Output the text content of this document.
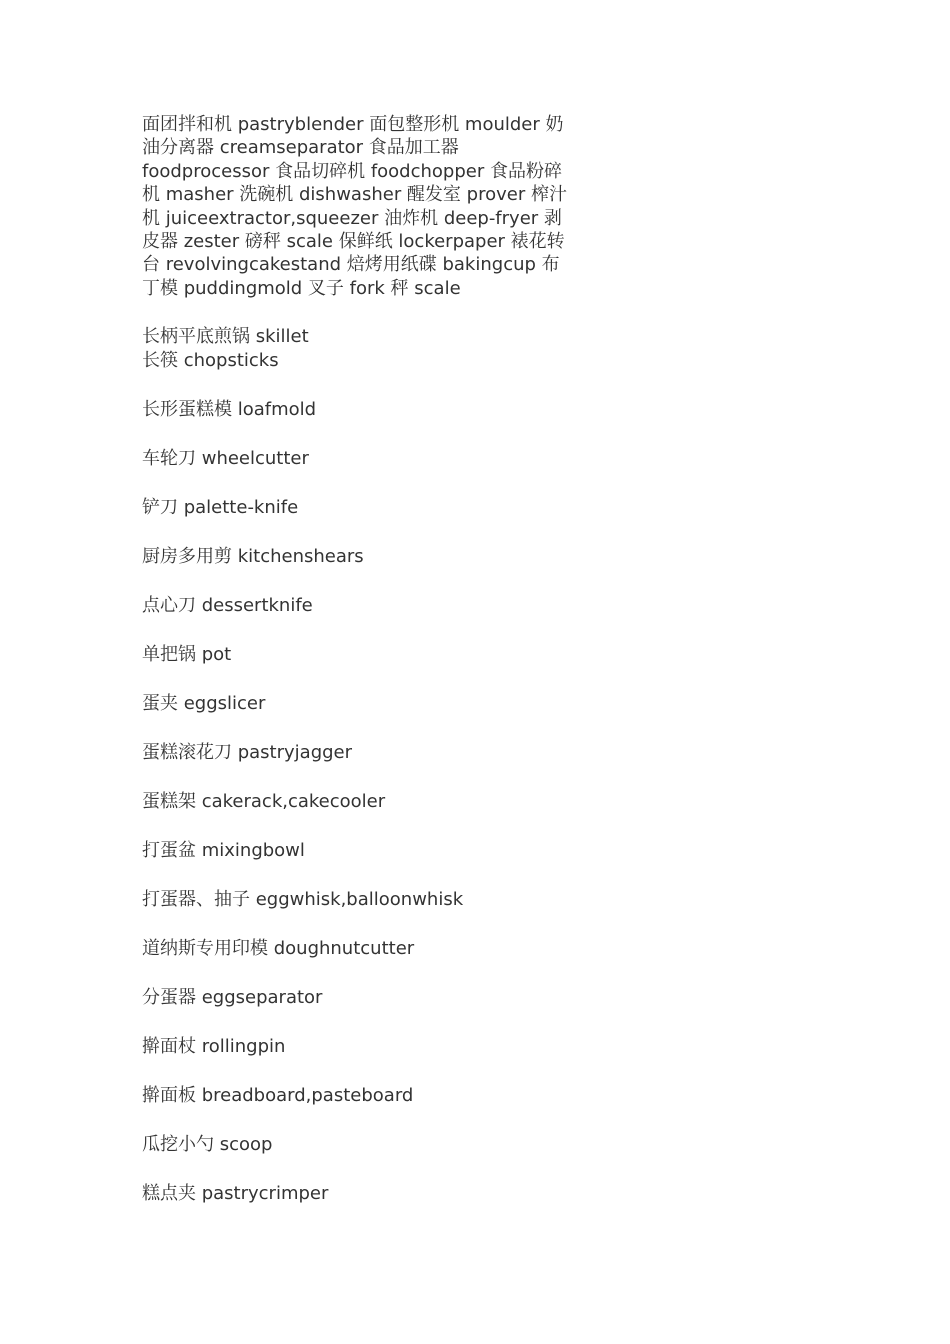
面团拌和机 pastryblender 面包整形机 moulder 奶
油分离器 creamseparator 食品加工器
foodprocessor 食品切碎机 foodchopper 食品粉碎
机 masher 洗碗机 dishwasher 醒发室 prover 榨汁
机 juiceextractor,squeezer 油炸机 deep-fryer 剥
皮器 zester 磅秤 scale 保鲜纸 lockerpaper 裱花转
台 revolvingcakestand 焙烤用纸碟 bakingcup 布
丁模 puddingmold 叉子 fork 秤 scale
长柄平底煎锅 skillet
长筷 chopsticks

长形蛋糕模 loafmold

车轮刀 wheelcutter

铲刀 palette-knife

厨房多用剪 kitchenshears

点心刀 dessertknife

单把锅 pot

蛋夹 eggslicer

蛋糕滚花刀 pastryjagger

蛋糕架 cakerack,cakecooler

打蛋盆 mixingbowl

打蛋器、抽子 eggwhisk,balloonwhisk

道纳斯专用印模 doughnutcutter

分蛋器 eggseparator

擀面杖 rollingpin

擀面板 breadboard,pasteboard

瓜挖小勺 scoop

糕点夹 pastrycrimper
